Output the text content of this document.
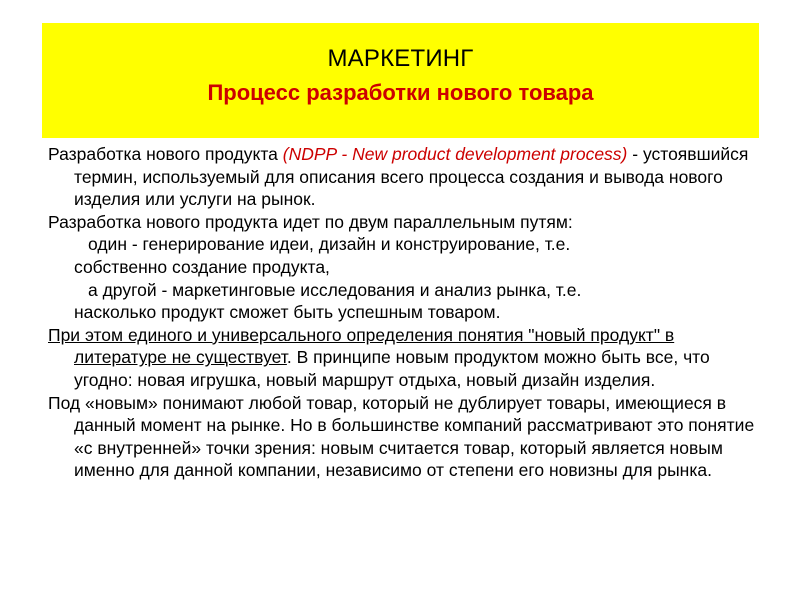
МАРКЕТИНГ
Процесс разработки нового товара

Разработка нового продукта (NDPP - New product development process) - устоявшийся термин, используемый для описания всего процесса создания и вывода нового изделия или услуги на рынок.

Разработка нового продукта идет по двум параллельным путям:

один - генерирование идеи, дизайн и конструирование, т.е.

собственно создание продукта,

а другой - маркетинговые исследования и анализ рынка, т.е.

насколько продукт сможет быть успешным товаром.

При этом единого и универсального определения понятия "новый продукт" в литературе не существует. В принципе новым продуктом можно быть все, что угодно: новая игрушка, новый маршрут отдыха, новый дизайн изделия.

Под «новым» понимают любой товар, который не дублирует товары, имеющиеся в данный момент на рынке. Но в большинстве компаний рассматривают это понятие «с внутренней» точки зрения: новым считается товар, который является новым именно для данной компании, независимо от степени его новизны для рынка.
